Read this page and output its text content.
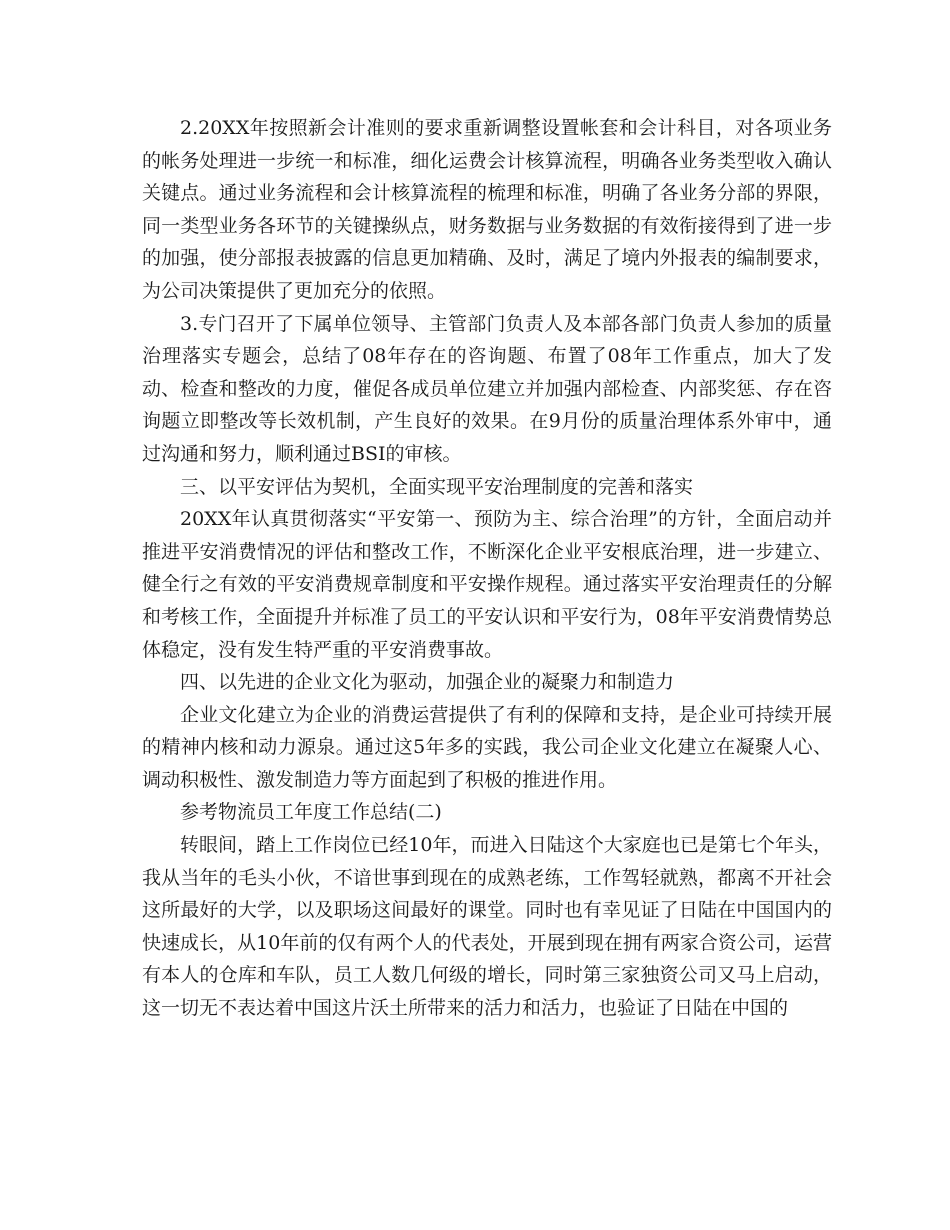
2.20XX年按照新会计准则的要求重新调整设置帐套和会计科目，对各项业务的帐务处理进一步统一和标准，细化运费会计核算流程，明确各业务类型收入确认关键点。通过业务流程和会计核算流程的梳理和标准，明确了各业务分部的界限，同一类型业务各环节的关键操纵点，财务数据与业务数据的有效衔接得到了进一步的加强，使分部报表披露的信息更加精确、及时，满足了境内外报表的编制要求，为公司决策提供了更加充分的依照。

3.专门召开了下属单位领导、主管部门负责人及本部各部门负责人参加的质量治理落实专题会，总结了08年存在的咨询题、布置了08年工作重点，加大了发动、检查和整改的力度，催促各成员单位建立并加强内部检查、内部奖惩、存在咨询题立即整改等长效机制，产生良好的效果。在9月份的质量治理体系外审中，通过沟通和努力，顺利通过BSI的审核。

三、以平安评估为契机，全面实现平安治理制度的完善和落实

20XX年认真贯彻落实“平安第一、预防为主、综合治理”的方针，全面启动并推进平安消费情况的评估和整改工作，不断深化企业平安根底治理，进一步建立、健全行之有效的平安消费规章制度和平安操作规程。通过落实平安治理责任的分解和考核工作，全面提升并标准了员工的平安认识和平安行为，08年平安消费情势总体稳定，没有发生特严重的平安消费事故。

四、以先进的企业文化为驱动，加强企业的凝聚力和制造力

企业文化建立为企业的消费运营提供了有利的保障和支持，是企业可持续开展的精神内核和动力源泉。通过这5年多的实践，我公司企业文化建立在凝聚人心、调动积极性、激发制造力等方面起到了积极的推进作用。

参考物流员工年度工作总结(二)

转眼间，踏上工作岗位已经10年，而进入日陆这个大家庭也已是第七个年头，我从当年的毛头小伙，不谙世事到现在的成熟老练，工作驾轻就熟，都离不开社会这所最好的大学，以及职场这间最好的课堂。同时也有幸见证了日陆在中国国内的快速成长，从10年前的仅有两个人的代表处，开展到现在拥有两家合资公司，运营有本人的仓库和车队，员工人数几何级的增长，同时第三家独资公司又马上启动，这一切无不表达着中国这片沃土所带来的活力和活力，也验证了日陆在中国的
